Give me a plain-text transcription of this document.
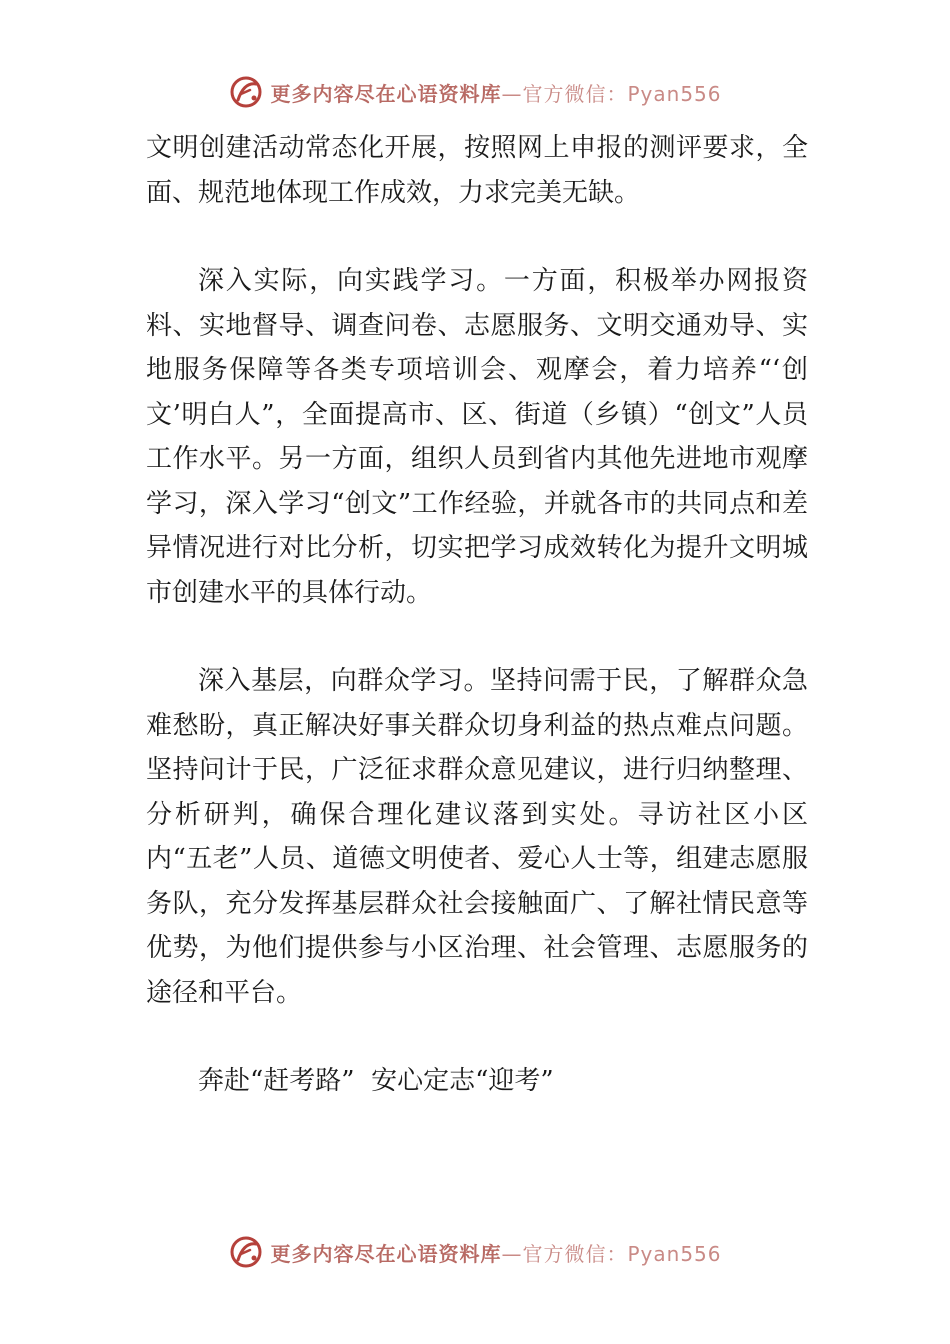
更多内容尽在心语资料库—官方微信：Pyan556

文明创建活动常态化开展，按照网上申报的测评要求，全面、规范地体现工作成效，力求完美无缺。

深入实际，向实践学习。一方面，积极举办网报资料、实地督导、调查问卷、志愿服务、文明交通劝导、实地服务保障等各类专项培训会、观摩会，着力培养“‘创文’明白人”，全面提高市、区、街道（乡镇）“创文”人员工作水平。另一方面，组织人员到省内其他先进地市观摩学习，深入学习“创文”工作经验，并就各市的共同点和差异情况进行对比分析，切实把学习成效转化为提升文明城市创建水平的具体行动。

深入基层，向群众学习。坚持问需于民，了解群众急难愁盼，真正解决好事关群众切身利益的热点难点问题。坚持问计于民，广泛征求群众意见建议，进行归纳整理、分析研判，确保合理化建议落到实处。寻访社区小区内“五老”人员、道德文明使者、爱心人士等，组建志愿服务队，充分发挥基层群众社会接触面广、了解社情民意等优势，为他们提供参与小区治理、社会管理、志愿服务的途径和平台。

奔赴“赶考路”  安心定志“迎考”

更多内容尽在心语资料库—官方微信：Pyan556
